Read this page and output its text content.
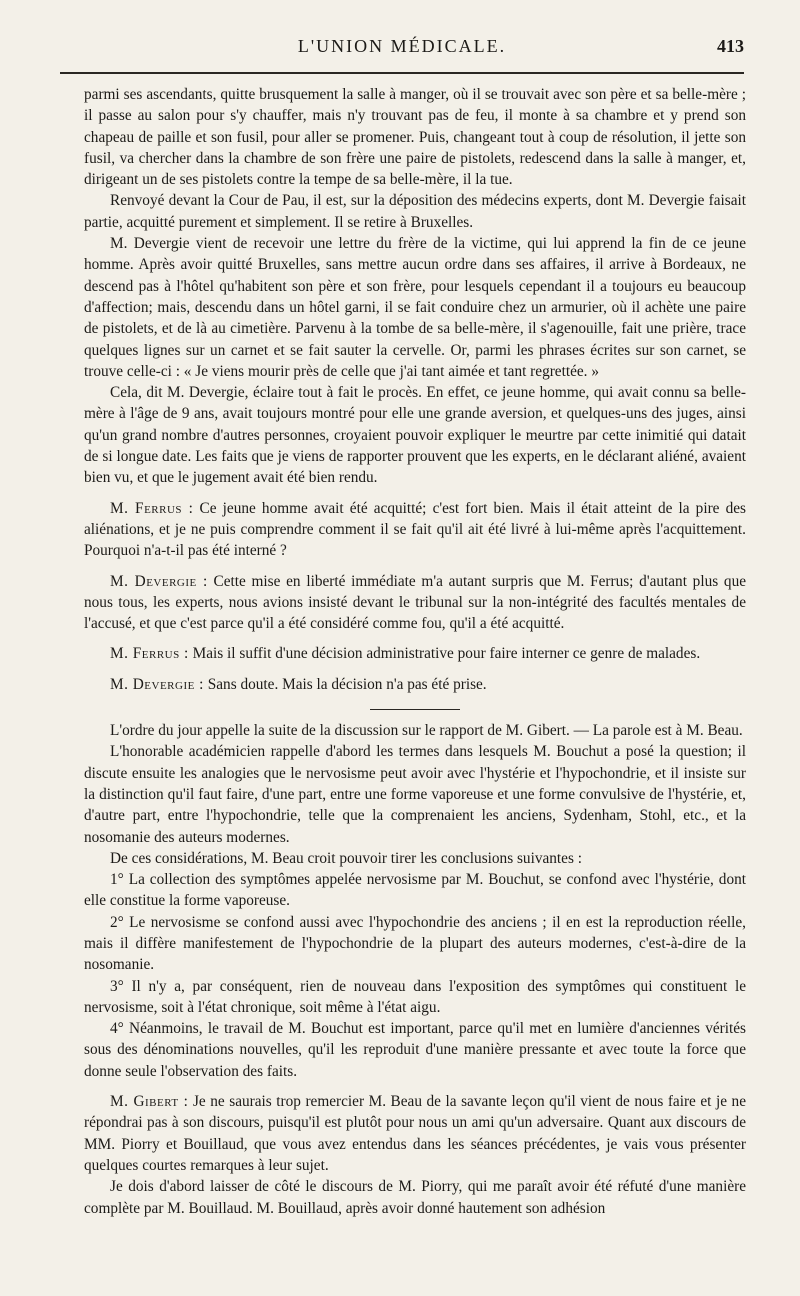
L'UNION MÉDICALE.	413

parmi ses ascendants, quitte brusquement la salle à manger, où il se trouvait avec son père et sa belle-mère ; il passe au salon pour s'y chauffer, mais n'y trouvant pas de feu, il monte à sa chambre et y prend son chapeau de paille et son fusil, pour aller se promener. Puis, changeant tout à coup de résolution, il jette son fusil, va chercher dans la chambre de son frère une paire de pistolets, redescend dans la salle à manger, et, dirigeant un de ses pistolets contre la tempe de sa belle-mère, il la tue.

Renvoyé devant la Cour de Pau, il est, sur la déposition des médecins experts, dont M. Devergie faisait partie, acquitté purement et simplement. Il se retire à Bruxelles.

M. Devergie vient de recevoir une lettre du frère de la victime, qui lui apprend la fin de ce jeune homme. Après avoir quitté Bruxelles, sans mettre aucun ordre dans ses affaires, il arrive à Bordeaux, ne descend pas à l'hôtel qu'habitent son père et son frère, pour lesquels cependant il a toujours eu beaucoup d'affection; mais, descendu dans un hôtel garni, il se fait conduire chez un armurier, où il achète une paire de pistolets, et de là au cimetière. Parvenu à la tombe de sa belle-mère, il s'agenouille, fait une prière, trace quelques lignes sur un carnet et se fait sauter la cervelle. Or, parmi les phrases écrites sur son carnet, se trouve celle-ci : « Je viens mourir près de celle que j'ai tant aimée et tant regrettée. »

Cela, dit M. Devergie, éclaire tout à fait le procès. En effet, ce jeune homme, qui avait connu sa belle-mère à l'âge de 9 ans, avait toujours montré pour elle une grande aversion, et quelques-uns des juges, ainsi qu'un grand nombre d'autres personnes, croyaient pouvoir expliquer le meurtre par cette inimitié qui datait de si longue date. Les faits que je viens de rapporter prouvent que les experts, en le déclarant aliéné, avaient bien vu, et que le jugement avait été bien rendu.

M. Ferrus : Ce jeune homme avait été acquitté; c'est fort bien. Mais il était atteint de la pire des aliénations, et je ne puis comprendre comment il se fait qu'il ait été livré à lui-même après l'acquittement. Pourquoi n'a-t-il pas été interné ?

M. Devergie : Cette mise en liberté immédiate m'a autant surpris que M. Ferrus; d'autant plus que nous tous, les experts, nous avions insisté devant le tribunal sur la non-intégrité des facultés mentales de l'accusé, et que c'est parce qu'il a été considéré comme fou, qu'il a été acquitté.

M. Ferrus : Mais il suffit d'une décision administrative pour faire interner ce genre de malades.

M. Devergie : Sans doute. Mais la décision n'a pas été prise.

L'ordre du jour appelle la suite de la discussion sur le rapport de M. Gibert. — La parole est à M. Beau.

L'honorable académicien rappelle d'abord les termes dans lesquels M. Bouchut a posé la question; il discute ensuite les analogies que le nervosisme peut avoir avec l'hystérie et l'hypochondrie, et il insiste sur la distinction qu'il faut faire, d'une part, entre une forme vaporeuse et une forme convulsive de l'hystérie, et, d'autre part, entre l'hypochondrie, telle que la comprenaient les anciens, Sydenham, Stohl, etc., et la nosomanie des auteurs modernes.

De ces considérations, M. Beau croit pouvoir tirer les conclusions suivantes :

1° La collection des symptômes appelée nervosisme par M. Bouchut, se confond avec l'hystérie, dont elle constitue la forme vaporeuse.

2° Le nervosisme se confond aussi avec l'hypochondrie des anciens ; il en est la reproduction réelle, mais il diffère manifestement de l'hypochondrie de la plupart des auteurs modernes, c'est-à-dire de la nosomanie.

3° Il n'y a, par conséquent, rien de nouveau dans l'exposition des symptômes qui constituent le nervosisme, soit à l'état chronique, soit même à l'état aigu.

4° Néanmoins, le travail de M. Bouchut est important, parce qu'il met en lumière d'anciennes vérités sous des dénominations nouvelles, qu'il les reproduit d'une manière pressante et avec toute la force que donne seule l'observation des faits.

M. Gibert : Je ne saurais trop remercier M. Beau de la savante leçon qu'il vient de nous faire et je ne répondrai pas à son discours, puisqu'il est plutôt pour nous un ami qu'un adversaire. Quant aux discours de MM. Piorry et Bouillaud, que vous avez entendus dans les séances précédentes, je vais vous présenter quelques courtes remarques à leur sujet.

Je dois d'abord laisser de côté le discours de M. Piorry, qui me paraît avoir été réfuté d'une manière complète par M. Bouillaud. M. Bouillaud, après avoir donné hautement son adhésion
